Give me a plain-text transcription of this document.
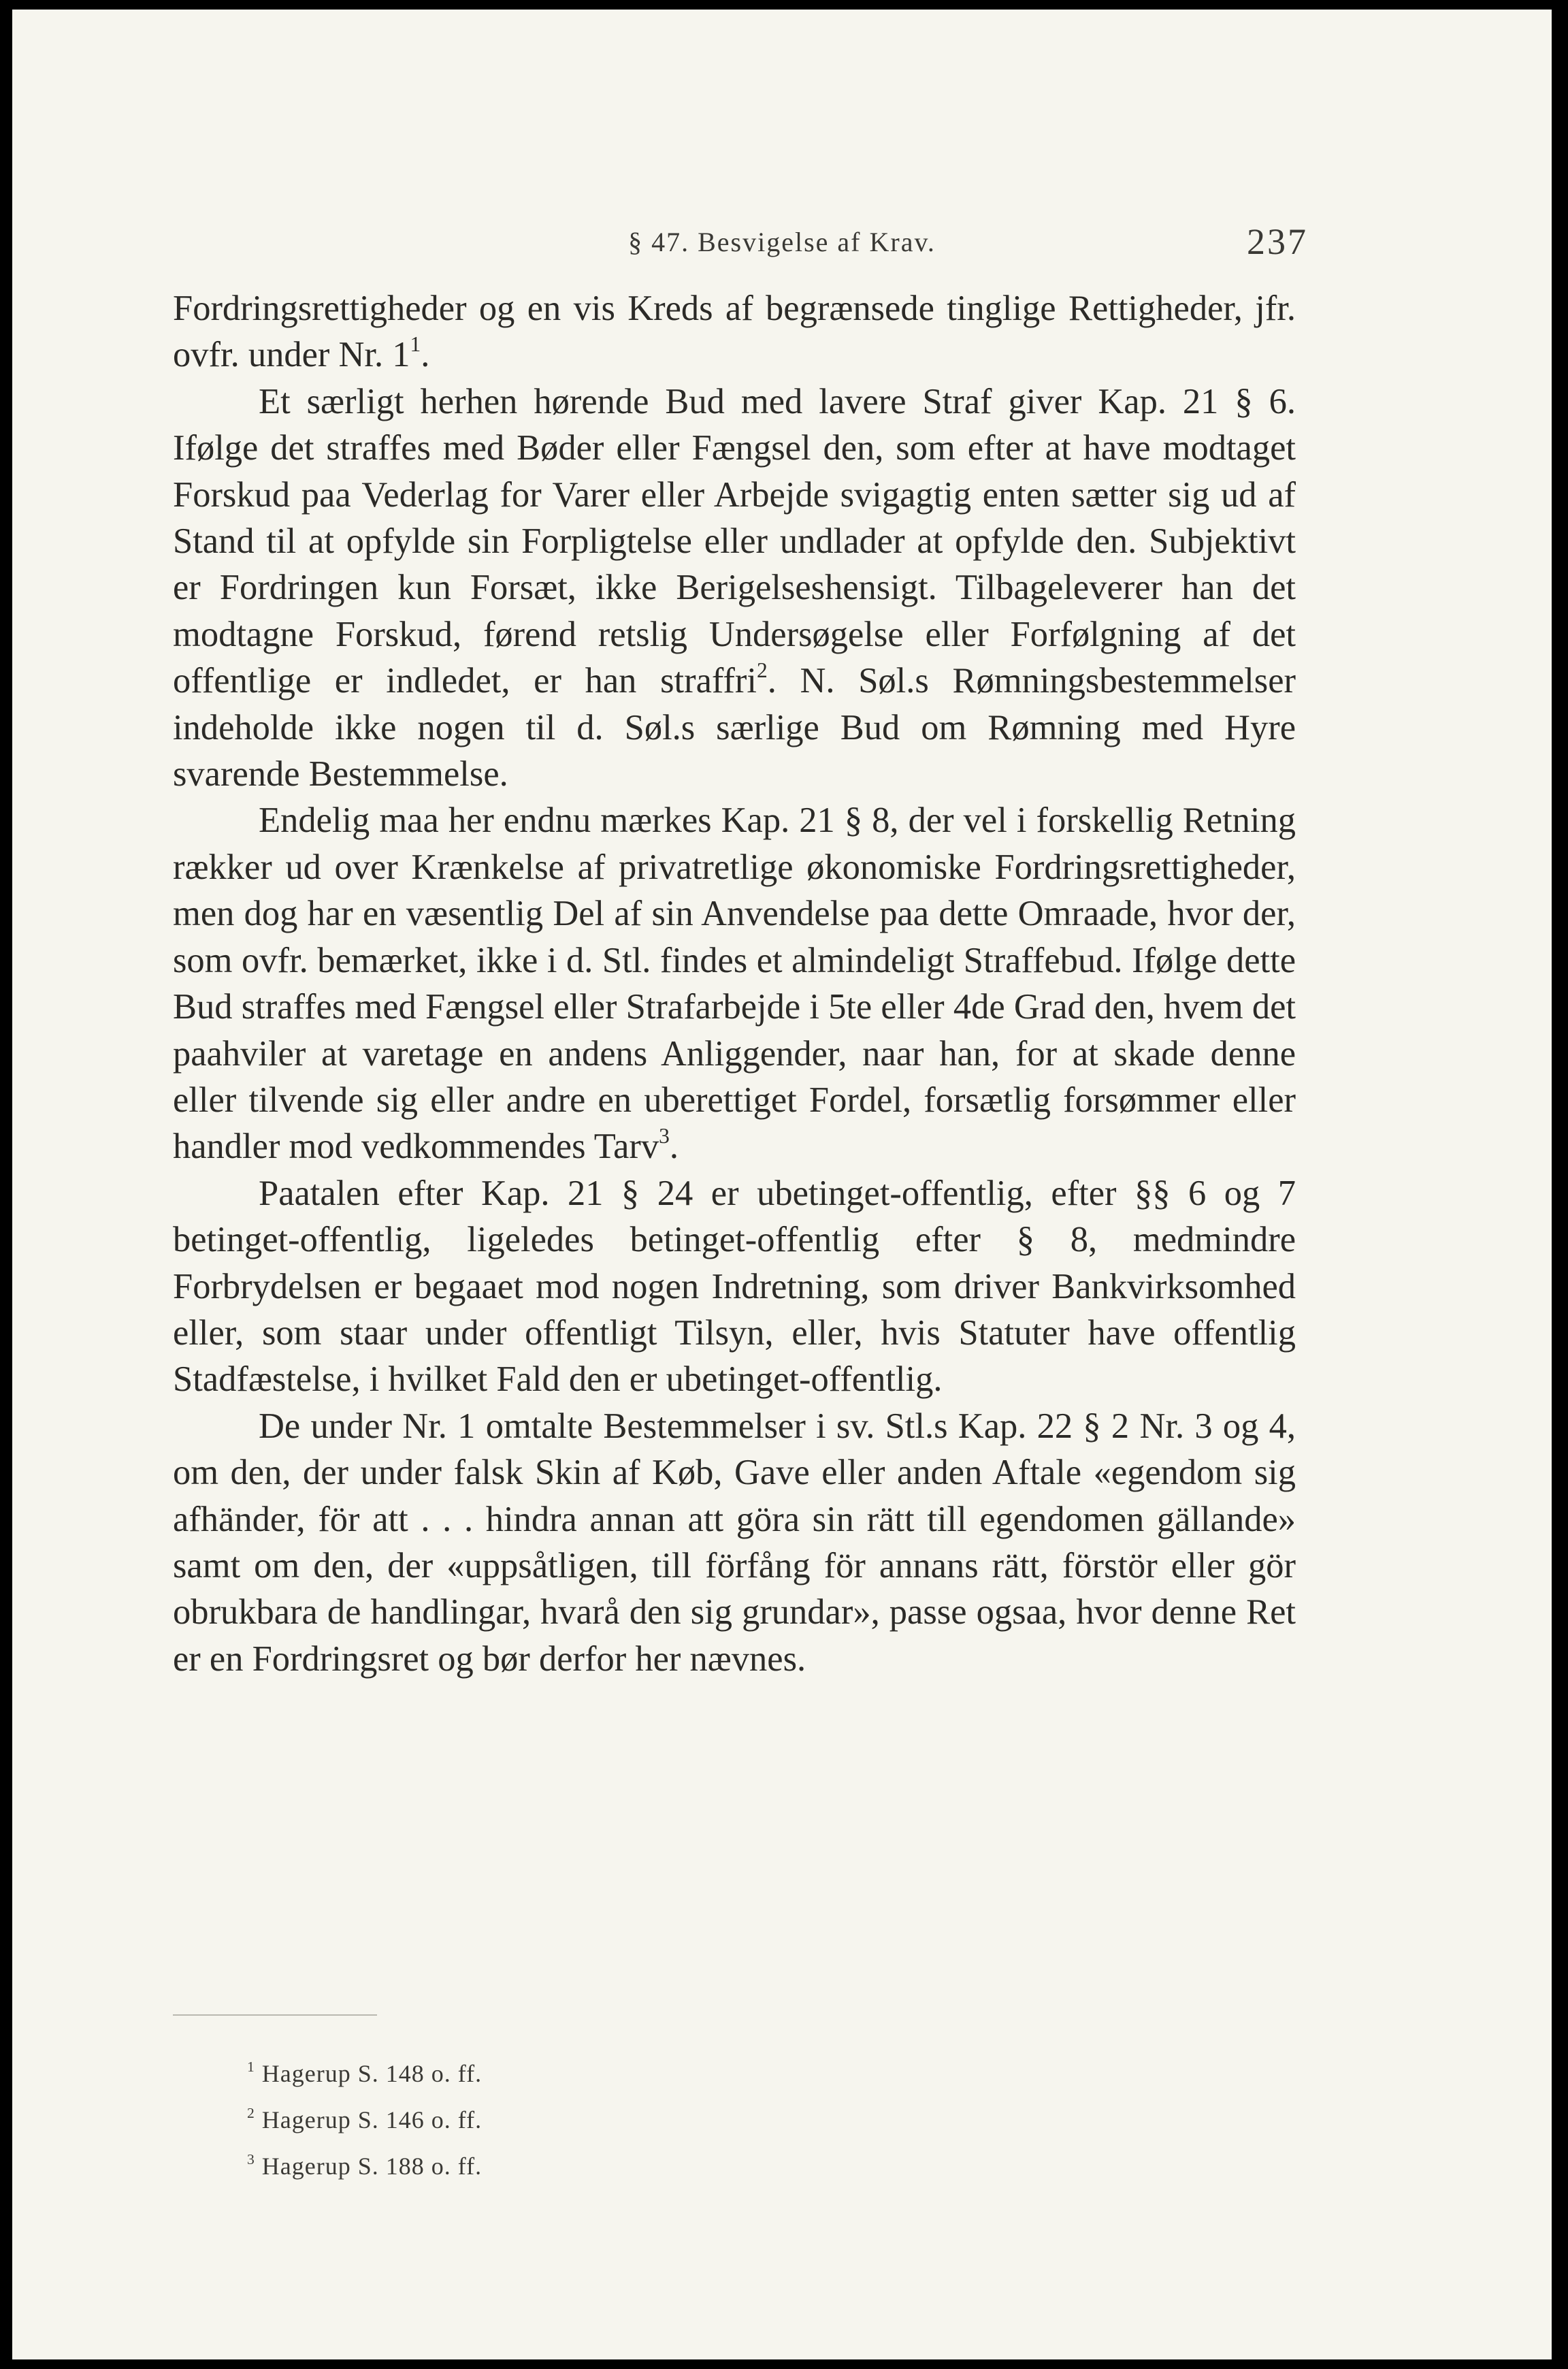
§ 47. Besvigelse af Krav.	237

Fordringsrettigheder og en vis Kreds af begrænsede tinglige Rettigheder, jfr. ovfr. under Nr. $1^1$.

Et særligt herhen hørende Bud med lavere Straf giver Kap. 21 § 6. Ifølge det straffes med Bøder eller Fængsel den, som efter at have modtaget Forskud paa Vederlag for Varer eller Arbejde svigagtig enten sætter sig ud af Stand til at opfylde sin Forpligtelse eller undlader at opfylde den. Subjektivt er Fordringen kun Forsæt, ikke Berigelseshensigt. Tilbageleverer han det modtagne Forskud, førend retslig Undersøgelse eller Forfølgning af det offentlige er indledet, er han straffri$^2$. N. Søl.s Rømningsbestemmelser indeholde ikke nogen til d. Søl.s særlige Bud om Rømning med Hyre svarende Bestemmelse.

Endelig maa her endnu mærkes Kap. 21 § 8, der vel i forskellig Retning rækker ud over Krænkelse af privatretlige økonomiske Fordringsrettigheder, men dog har en væsentlig Del af sin Anvendelse paa dette Omraade, hvor der, som ovfr. bemærket, ikke i d. Stl. findes et almindeligt Straffebud. Ifølge dette Bud straffes med Fængsel eller Strafarbejde i 5te eller 4de Grad den, hvem det paahviler at varetage en andens Anliggender, naar han, for at skade denne eller tilvende sig eller andre en uberettiget Fordel, forsætlig forsømmer eller handler mod vedkommendes Tarv$^3$.

Paatalen efter Kap. 21 § 24 er ubetinget-offentlig, efter §§ 6 og 7 betinget-offentlig, ligeledes betinget-offentlig efter § 8, medmindre Forbrydelsen er begaaet mod nogen Indretning, som driver Bankvirksomhed eller, som staar under offentligt Tilsyn, eller, hvis Statuter have offentlig Stadfæstelse, i hvilket Fald den er ubetinget-offentlig.

De under Nr. 1 omtalte Bestemmelser i sv. Stl.s Kap. 22 § 2 Nr. 3 og 4, om den, der under falsk Skin af Køb, Gave eller anden Aftale «egendom sig afhänder, för att . . . hindra annan att göra sin rätt till egendomen gällande» samt om den, der «uppsåtligen, till förfång för annans rätt, förstör eller gör obrukbara de handlingar, hvarå den sig grundar», passe ogsaa, hvor denne Ret er en Fordringsret og bør derfor her nævnes.

$^1$ Hagerup S. 148 o. ff.
$^2$ Hagerup S. 146 o. ff.
$^3$ Hagerup S. 188 o. ff.
